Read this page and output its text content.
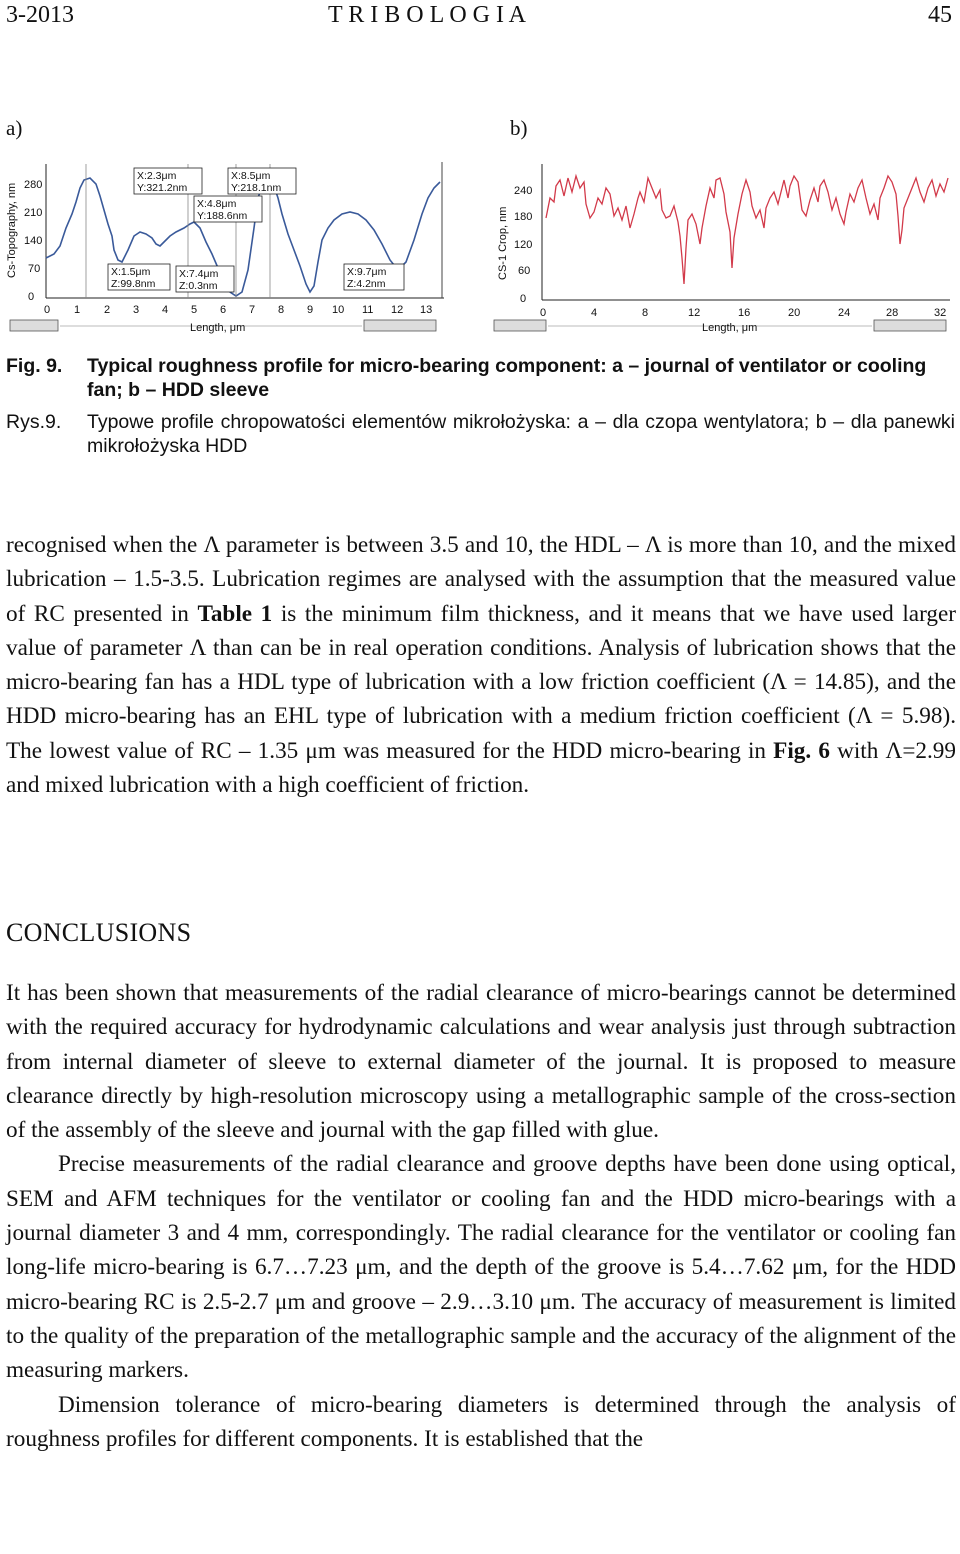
3-2013	T R I B O L O G I A	45
a)	b)
Cs-Topography, nm
0
70
140
210
280
X:2.3μm
Y:321.2nm
X:8.5μm
Y:218.1nm
X:4.8μm
Y:188.6nm
X:1.5μm
Z:99.8nm
X:7.4μm
Z:0.3nm
X:9.7μm
Z:4.2nm
0 1 2 3 4 5 6 7 8 9 10 11 12 13
Length, μm
CS-1 Crop, nm
0
60
120
180
240
0	4	8	12	16	20	24	28	32
Length, μm
Fig. 9. Typical roughness profile for micro-bearing component: a – journal of ventilator or cooling fan; b – HDD sleeve
Rys.9. Typowe profile chropowatości elementów mikrołożyska: a – dla czopa wentylatora; b – dla panewki mikrołożyska HDD

recognised when the Λ parameter is between 3.5 and 10, the HDL – Λ is more than 10, and the mixed lubrication – 1.5-3.5. Lubrication regimes are analysed with the assumption that the measured value of RC presented in Table 1 is the minimum film thickness, and it means that we have used larger value of parameter Λ than can be in real operation conditions. Analysis of lubrication shows that the micro-bearing fan has a HDL type of lubrication with a low friction coefficient (Λ = 14.85), and the HDD micro-bearing has an EHL type of lubrication with a medium friction coefficient (Λ = 5.98). The lowest value of RC – 1.35 μm was measured for the HDD micro-bearing in Fig. 6 with Λ=2.99 and mixed lubrication with a high coefficient of friction.

CONCLUSIONS

It has been shown that measurements of the radial clearance of micro-bearings cannot be determined with the required accuracy for hydrodynamic calculations and wear analysis just through subtraction from internal diameter of sleeve to external diameter of the journal. It is proposed to measure clearance directly by high-resolution microscopy using a metallographic sample of the cross-section of the assembly of the sleeve and journal with the gap filled with glue.

Precise measurements of the radial clearance and groove depths have been done using optical, SEM and AFM techniques for the ventilator or cooling fan and the HDD micro-bearings with a journal diameter 3 and 4 mm, correspondingly. The radial clearance for the ventilator or cooling fan long-life micro-bearing is 6.7…7.23 μm, and the depth of the groove is 5.4…7.62 μm, for the HDD micro-bearing RC is 2.5-2.7 μm and groove – 2.9…3.10 μm. The accuracy of measurement is limited to the quality of the preparation of the metallographic sample and the accuracy of the alignment of the measuring markers.

Dimension tolerance of micro-bearing diameters is determined through the analysis of roughness profiles for different components. It is established that the
